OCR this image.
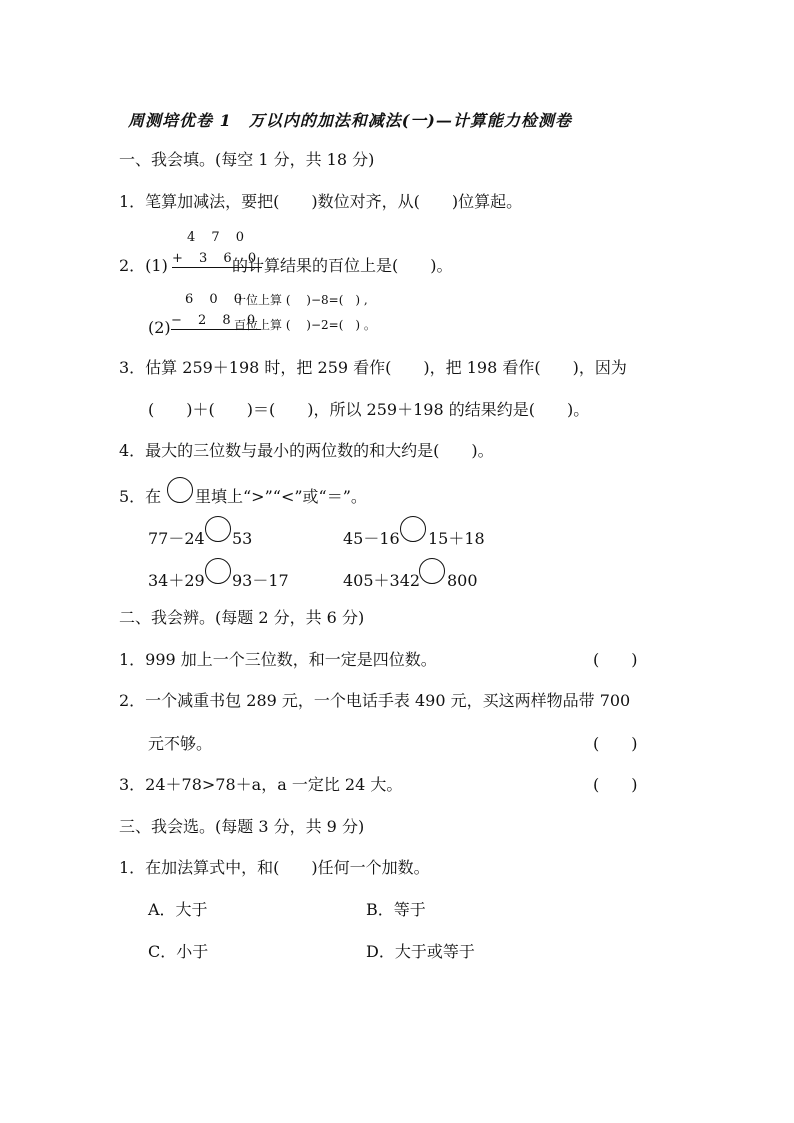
周测培优卷 1　万以内的加法和减法(一)—计算能力检测卷
一、我会填。(每空 1 分，共 18 分)
1．笔算加减法，要把(　　)数位对齐，从(　　)位算起。
4 7 0
2．(1) + 3 6 0
的计算结果的百位上是(　　)。
6 0 0
十位上算 (　 )−8=(　) ,
(2) − 2 8 0
百位上算 (　 )−2=(　) 。
3．估算 259＋198 时，把 259 看作(　　)，把 198 看作(　　)，因为
(　　)＋(　　)＝(　　)，所以 259＋198 的结果约是(　　)。
4．最大的三位数与最小的两位数的和大约是(　　)。
5．在 里填上“>”“<”或“＝”。
77－24 53	45－16 15＋18
34＋29 93－17	405＋342 800
二、我会辨。(每题 2 分，共 6 分)
1．999 加上一个三位数，和一定是四位数。	(　　)
2．一个减重书包 289 元，一个电话手表 490 元，买这两样物品带 700
元不够。	(　　)
3．24＋78>78＋a，a 一定比 24 大。	(　　)
三、我会选。(每题 3 分，共 9 分)
1．在加法算式中，和(　　)任何一个加数。
A．大于	B．等于
C．小于	D．大于或等于
